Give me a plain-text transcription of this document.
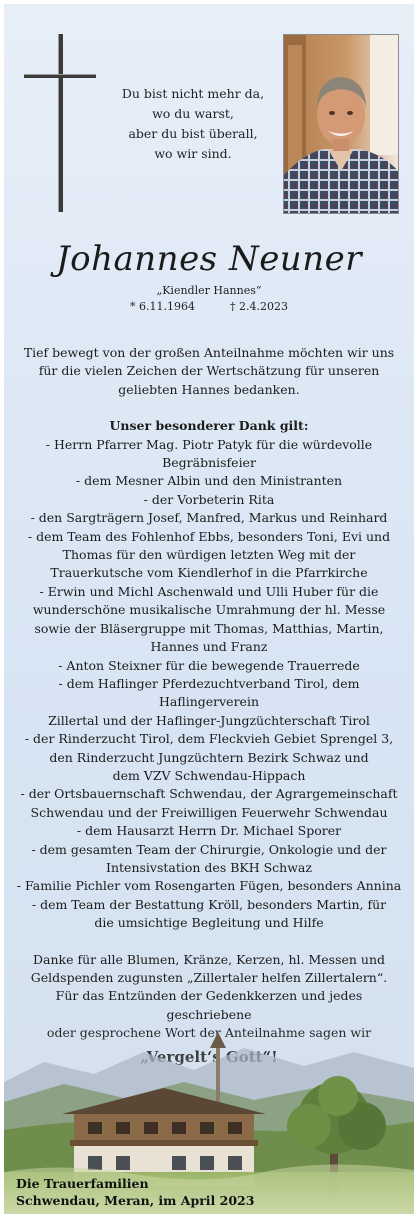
Du bist nicht mehr da,
wo du warst,
aber du bist überall,
wo wir sind.
Johannes Neuner
„Kiendler Hannes“
* 6.11.1964	† 2.4.2023

Tief bewegt von der großen Anteilnahme möchten wir uns

für die vielen Zeichen der Wertschätzung für unseren

geliebten Hannes bedanken.

Unser besonderer Dank gilt:

- Herrn Pfarrer Mag. Piotr Patyk für die würdevolle

Begräbnisfeier

- dem Mesner Albin und den Ministranten

- der Vorbeterin Rita

- den Sargträgern Josef, Manfred, Markus und Reinhard

- dem Team des Fohlenhof Ebbs, besonders Toni, Evi und

Thomas für den würdigen letzten Weg mit der

Trauerkutsche vom Kiendlerhof in die Pfarrkirche

- Erwin und Michl Aschenwald und Ulli Huber für die

wunderschöne musikalische Umrahmung der hl. Messe

sowie der Bläsergruppe mit Thomas, Matthias, Martin,

Hannes und Franz

- Anton Steixner für die bewegende Trauerrede

- dem Haflinger Pferdezuchtverband Tirol, dem Haflingerverein

Zillertal und der Haflinger-Jungzüchterschaft Tirol

- der Rinderzucht Tirol, dem Fleckvieh Gebiet Sprengel 3,

den Rinderzucht Jungzüchtern Bezirk Schwaz und

dem VZV Schwendau-Hippach

- der Ortsbauernschaft Schwendau, der Agrargemeinschaft

Schwendau und der Freiwilligen Feuerwehr Schwendau

- dem Hausarzt Herrn Dr. Michael Sporer

- dem gesamten Team der Chirurgie, Onkologie und der

Intensivstation des BKH Schwaz

- Familie Pichler vom Rosengarten Fügen, besonders Annina

- dem Team der Bestattung Kröll, besonders Martin, für

die umsichtige Begleitung und Hilfe

Danke für alle Blumen, Kränze, Kerzen, hl. Messen und

Geldspenden zugunsten „Zillertaler helfen Zillertalern“.

Für das Entzünden der Gedenkkerzen und jedes geschriebene

Die Trauerfamilien
Schwendau, Meran, im April 2023
